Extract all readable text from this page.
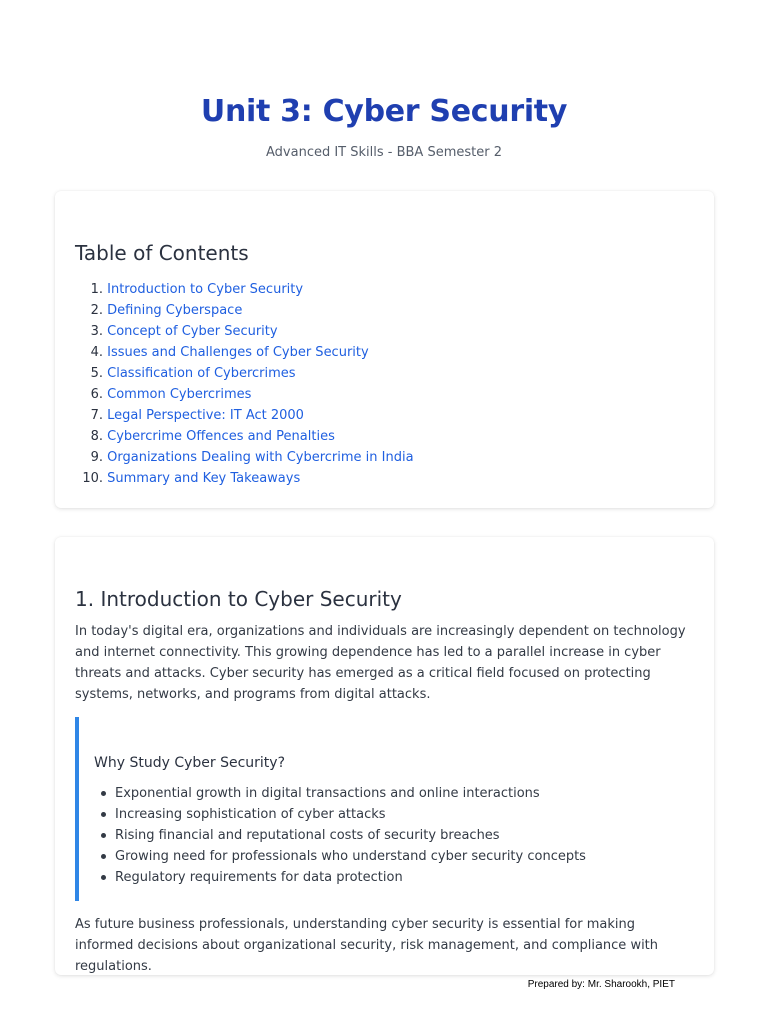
Unit 3: Cyber Security
Advanced IT Skills - BBA Semester 2
Table of Contents
1.
Introduction to Cyber Security
2.
Defining Cyberspace
3.
Concept of Cyber Security
4.
Issues and Challenges of Cyber Security
5.
Classification of Cybercrimes
6.
Common Cybercrimes
7.
Legal Perspective: IT Act 2000
8.
Cybercrime Offences and Penalties
9.
Organizations Dealing with Cybercrime in India
10.
Summary and Key Takeaways
1. Introduction to Cyber Security

In today's digital era, organizations and individuals are increasingly dependent on technology and internet connectivity. This growing dependence has led to a parallel increase in cyber threats and attacks. Cyber security has emerged as a critical field focused on protecting systems, networks, and programs from digital attacks.

Why Study Cyber Security?
Exponential growth in digital transactions and online interactions
Increasing sophistication of cyber attacks
Rising financial and reputational costs of security breaches
Growing need for professionals who understand cyber security concepts
Regulatory requirements for data protection

As future business professionals, understanding cyber security is essential for making informed decisions about organizational security, risk management, and compliance with regulations.

Prepared by: Mr. Sharookh, PIET
